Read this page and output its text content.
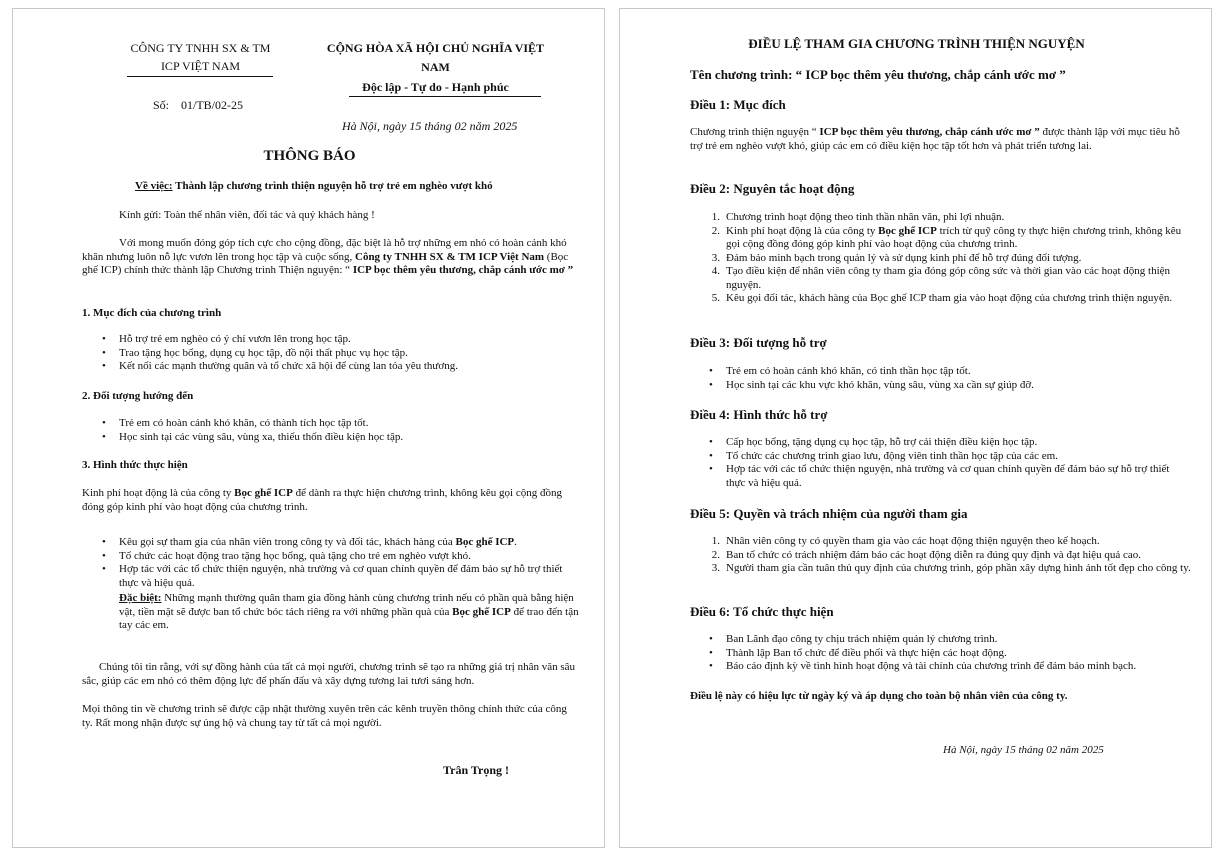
CÔNG TY TNHH SX & TM
ICP VIỆT NAM
Số: 01/TB/02-25
CỘNG HÒA XÃ HỘI CHỦ NGHĨA VIỆT
NAM
Độc lập - Tự do - Hạnh phúc
Hà Nội, ngày 15 tháng 02 năm 2025
THÔNG BÁO
Về việc: Thành lập chương trình thiện nguyện hỗ trợ trẻ em nghèo vượt khó
Kính gửi: Toàn thể nhân viên, đối tác và quý khách hàng !
Với mong muốn đóng góp tích cực cho cộng đồng, đặc biệt là hỗ trợ những em nhỏ có hoàn cảnh khó khăn nhưng luôn nỗ lực vươn lên trong học tập và cuộc sống, Công ty TNHH SX & TM ICP Việt Nam (Bọc ghế ICP) chính thức thành lập Chương trình Thiện nguyện: “ ICP bọc thêm yêu thương, chắp cánh ước mơ ”
1. Mục đích của chương trình
• Hỗ trợ trẻ em nghèo có ý chí vươn lên trong học tập.
• Trao tặng học bổng, dụng cụ học tập, đồ nội thất phục vụ học tập.
• Kết nối các mạnh thường quân và tổ chức xã hội để cùng lan tỏa yêu thương.
2. Đối tượng hướng đến
• Trẻ em có hoàn cảnh khó khăn, có thành tích học tập tốt.
• Học sinh tại các vùng sâu, vùng xa, thiếu thốn điều kiện học tập.
3. Hình thức thực hiện
Kinh phí hoạt động là của công ty Bọc ghế ICP để dành ra thực hiện chương trình, không kêu gọi cộng đồng đóng góp kinh phí vào hoạt động của chương trình.
• Kêu gọi sự tham gia của nhân viên trong công ty và đối tác, khách hàng của Bọc ghế ICP.
• Tổ chức các hoạt động trao tặng học bổng, quà tặng cho trẻ em nghèo vượt khó.
• Hợp tác với các tổ chức thiện nguyện, nhà trường và cơ quan chính quyền để đảm bảo sự hỗ trợ thiết thực và hiệu quả.
Đặc biệt: Những mạnh thường quân tham gia đồng hành cùng chương trình nếu có phần quà bằng hiện vật, tiền mặt sẽ được ban tổ chức bóc tách riêng ra với những phần quà của Bọc ghế ICP để trao đến tận tay các em.
Chúng tôi tin rằng, với sự đồng hành của tất cả mọi người, chương trình sẽ tạo ra những giá trị nhân văn sâu sắc, giúp các em nhỏ có thêm động lực để phấn đấu và xây dựng tương lai tươi sáng hơn.
Mọi thông tin về chương trình sẽ được cập nhật thường xuyên trên các kênh truyền thông chính thức của công ty. Rất mong nhận được sự ủng hộ và chung tay từ tất cả mọi người.
Trân Trọng !
ĐIỀU LỆ THAM GIA CHƯƠNG TRÌNH THIỆN NGUYỆN
Tên chương trình: “ ICP bọc thêm yêu thương, chắp cánh ước mơ ”
Điều 1: Mục đích
Chương trình thiện nguyện “ ICP bọc thêm yêu thương, chắp cánh ước mơ ” được thành lập với mục tiêu hỗ trợ trẻ em nghèo vượt khó, giúp các em có điều kiện học tập tốt hơn và phát triển tương lai.
Điều 2: Nguyên tắc hoạt động
1. Chương trình hoạt động theo tinh thần nhân văn, phi lợi nhuận.
2. Kinh phí hoạt động là của công ty Bọc ghế ICP trích từ quỹ công ty thực hiện chương trình, không kêu gọi cộng đồng đóng góp kinh phí vào hoạt động của chương trình.
3. Đảm bảo minh bạch trong quản lý và sử dụng kinh phí để hỗ trợ đúng đối tượng.
4. Tạo điều kiện để nhân viên công ty tham gia đóng góp công sức và thời gian vào các hoạt động thiện nguyện.
5. Kêu gọi đối tác, khách hàng của Bọc ghế ICP tham gia vào hoạt động của chương trình thiện nguyện.
Điều 3: Đối tượng hỗ trợ
• Trẻ em có hoàn cảnh khó khăn, có tinh thần học tập tốt.
• Học sinh tại các khu vực khó khăn, vùng sâu, vùng xa cần sự giúp đỡ.
Điều 4: Hình thức hỗ trợ
• Cấp học bổng, tặng dụng cụ học tập, hỗ trợ cải thiện điều kiện học tập.
• Tổ chức các chương trình giao lưu, động viên tinh thần học tập của các em.
• Hợp tác với các tổ chức thiện nguyện, nhà trường và cơ quan chính quyền để đảm bảo sự hỗ trợ thiết thực và hiệu quả.
Điều 5: Quyền và trách nhiệm của người tham gia
1. Nhân viên công ty có quyền tham gia vào các hoạt động thiện nguyện theo kế hoạch.
2. Ban tổ chức có trách nhiệm đảm bảo các hoạt động diễn ra đúng quy định và đạt hiệu quả cao.
3. Người tham gia cần tuân thủ quy định của chương trình, góp phần xây dựng hình ảnh tốt đẹp cho công ty.
Điều 6: Tổ chức thực hiện
• Ban Lãnh đạo công ty chịu trách nhiệm quản lý chương trình.
• Thành lập Ban tổ chức để điều phối và thực hiện các hoạt động.
• Báo cáo định kỳ về tình hình hoạt động và tài chính của chương trình để đảm bảo minh bạch.
Điều lệ này có hiệu lực từ ngày ký và áp dụng cho toàn bộ nhân viên của công ty.
Hà Nội, ngày 15 tháng 02 năm 2025
